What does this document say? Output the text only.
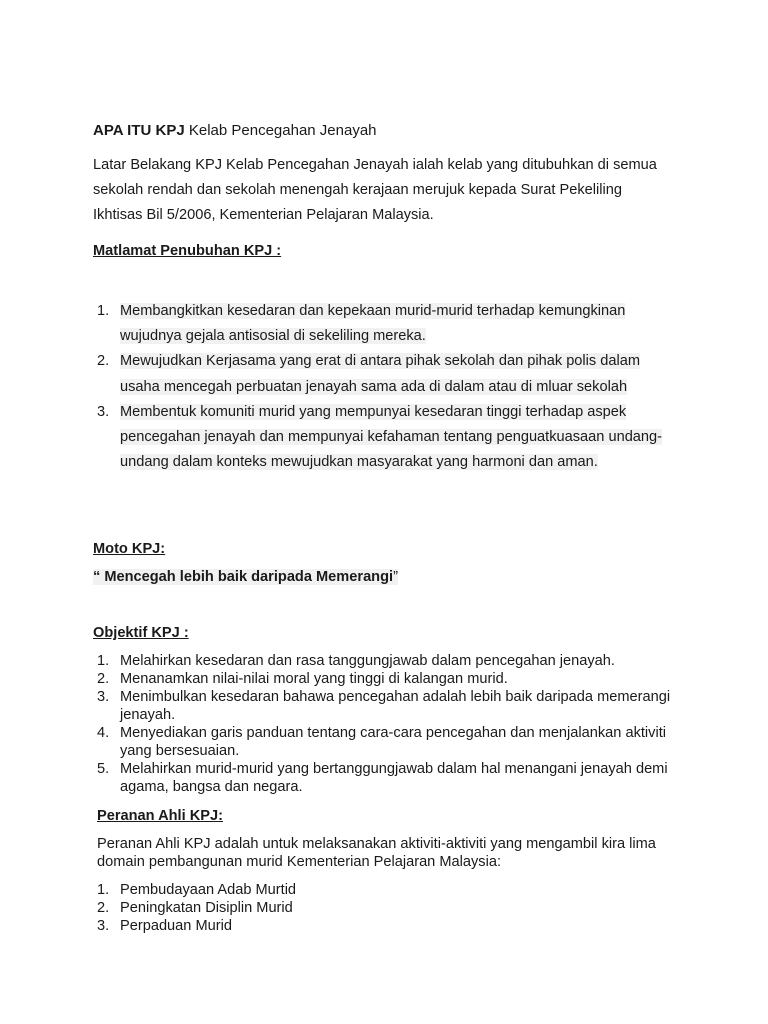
APA ITU KPJ Kelab Pencegahan Jenayah

Latar Belakang KPJ Kelab Pencegahan Jenayah ialah kelab yang ditubuhkan di semua sekolah rendah dan sekolah menengah kerajaan merujuk kepada Surat Pekeliling Ikhtisas Bil 5/2006, Kementerian Pelajaran Malaysia.

Matlamat Penubuhan KPJ :

1. Membangkitkan kesedaran dan kepekaan murid-murid terhadap kemungkinan wujudnya gejala antisosial di sekeliling mereka.
2. Mewujudkan Kerjasama yang erat di antara pihak sekolah dan pihak polis dalam usaha mencegah perbuatan jenayah sama ada di dalam atau di mluar sekolah
3. Membentuk komuniti murid yang mempunyai kesedaran tinggi terhadap aspek pencegahan jenayah dan mempunyai kefahaman tentang penguatkuasaan undang-undang dalam konteks mewujudkan masyarakat yang harmoni dan aman.

Moto KPJ:

“ Mencegah lebih baik daripada Memerangi”

Objektif KPJ :

1. Melahirkan kesedaran dan rasa tanggungjawab dalam pencegahan jenayah.
2. Menanamkan nilai-nilai moral yang tinggi di kalangan murid.
3. Menimbulkan kesedaran bahawa pencegahan adalah lebih baik daripada memerangi jenayah.
4. Menyediakan garis panduan tentang cara-cara pencegahan dan menjalankan aktiviti yang bersesuaian.
5. Melahirkan murid-murid yang bertanggungjawab dalam hal menangani jenayah demi agama, bangsa dan negara.

Peranan Ahli KPJ:

Peranan Ahli KPJ adalah untuk melaksanakan aktiviti-aktiviti yang mengambil kira lima domain pembangunan murid Kementerian Pelajaran Malaysia:

1. Pembudayaan Adab Murtid
2. Peningkatan Disiplin Murid
3. Perpaduan Murid
